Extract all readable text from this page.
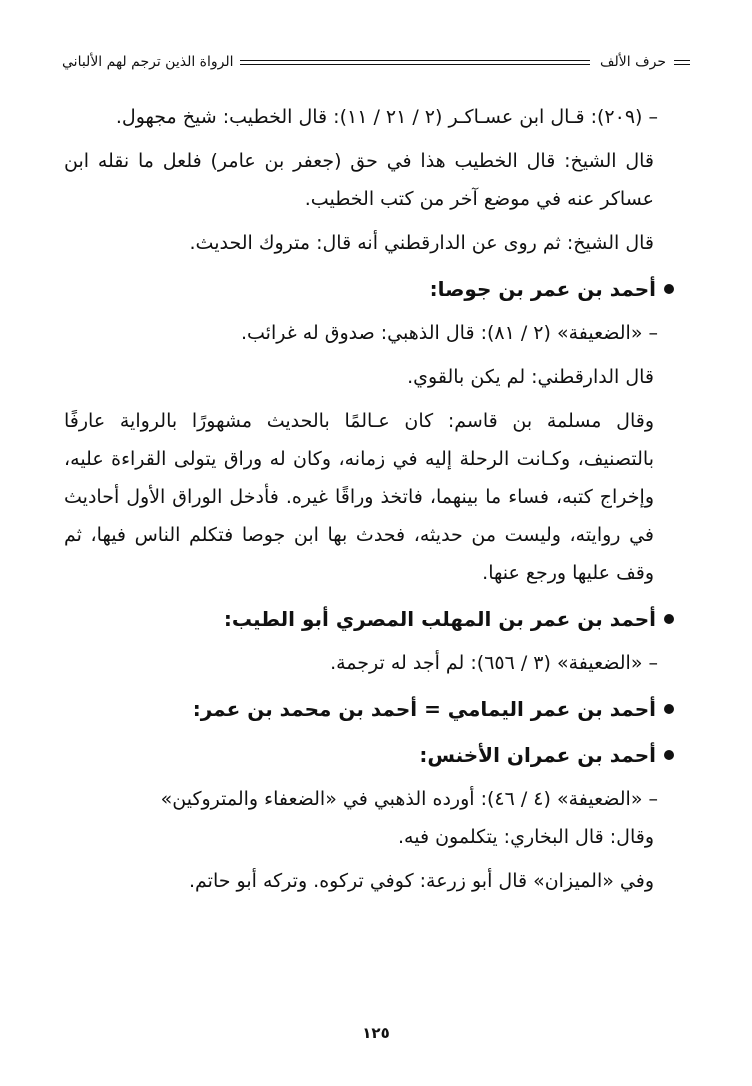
حرف الألف
الرواة الذين ترجم لهم الألباني

– (٢٠٩): قـال ابن عسـاكـر (٢ / ٢١ / ١١): قال الخطيب: شيخ مجهول.

قال الشيخ: قال الخطيب هذا في حق (جعفر بن عامر) فلعل ما نقله ابن عساكر عنه في موضع آخر من كتب الخطيب.

قال الشيخ: ثم روى عن الدارقطني أنه قال: متروك الحديث.

أحمد بن عمر بن جوصا:

– «الضعيفة» (٢ / ٨١): قال الذهبي: صدوق له غرائب.

قال الدارقطني: لم يكن بالقوي.

وقال مسلمة بن قاسم: كان عـالمًا بالحديث مشهورًا بالرواية عارفًا بالتصنيف، وكـانت الرحلة إليه في زمانه، وكان له وراق يتولى القراءة عليه، وإخراج كتبه، فساء ما بينهما، فاتخذ وراقًا غيره. فأدخل الوراق الأول أحاديث في روايته، وليست من حديثه، فحدث بها ابن جوصا فتكلم الناس فيها، ثم وقف عليها ورجع عنها.

أحمد بن عمر بن المهلب المصري أبو الطيب:

– «الضعيفة» (٣ / ٦٥٦): لم أجد له ترجمة.

أحمد بن عمر اليمامي = أحمد بن محمد بن عمر:

أحمد بن عمران الأخنس:

– «الضعيفة» (٤ / ٤٦): أورده الذهبي في «الضعفاء والمتروكين»

وقال: قال البخاري: يتكلمون فيه.

وفي «الميزان» قال أبو زرعة: كوفي تركوه. وتركه أبو حاتم.

١٢٥
